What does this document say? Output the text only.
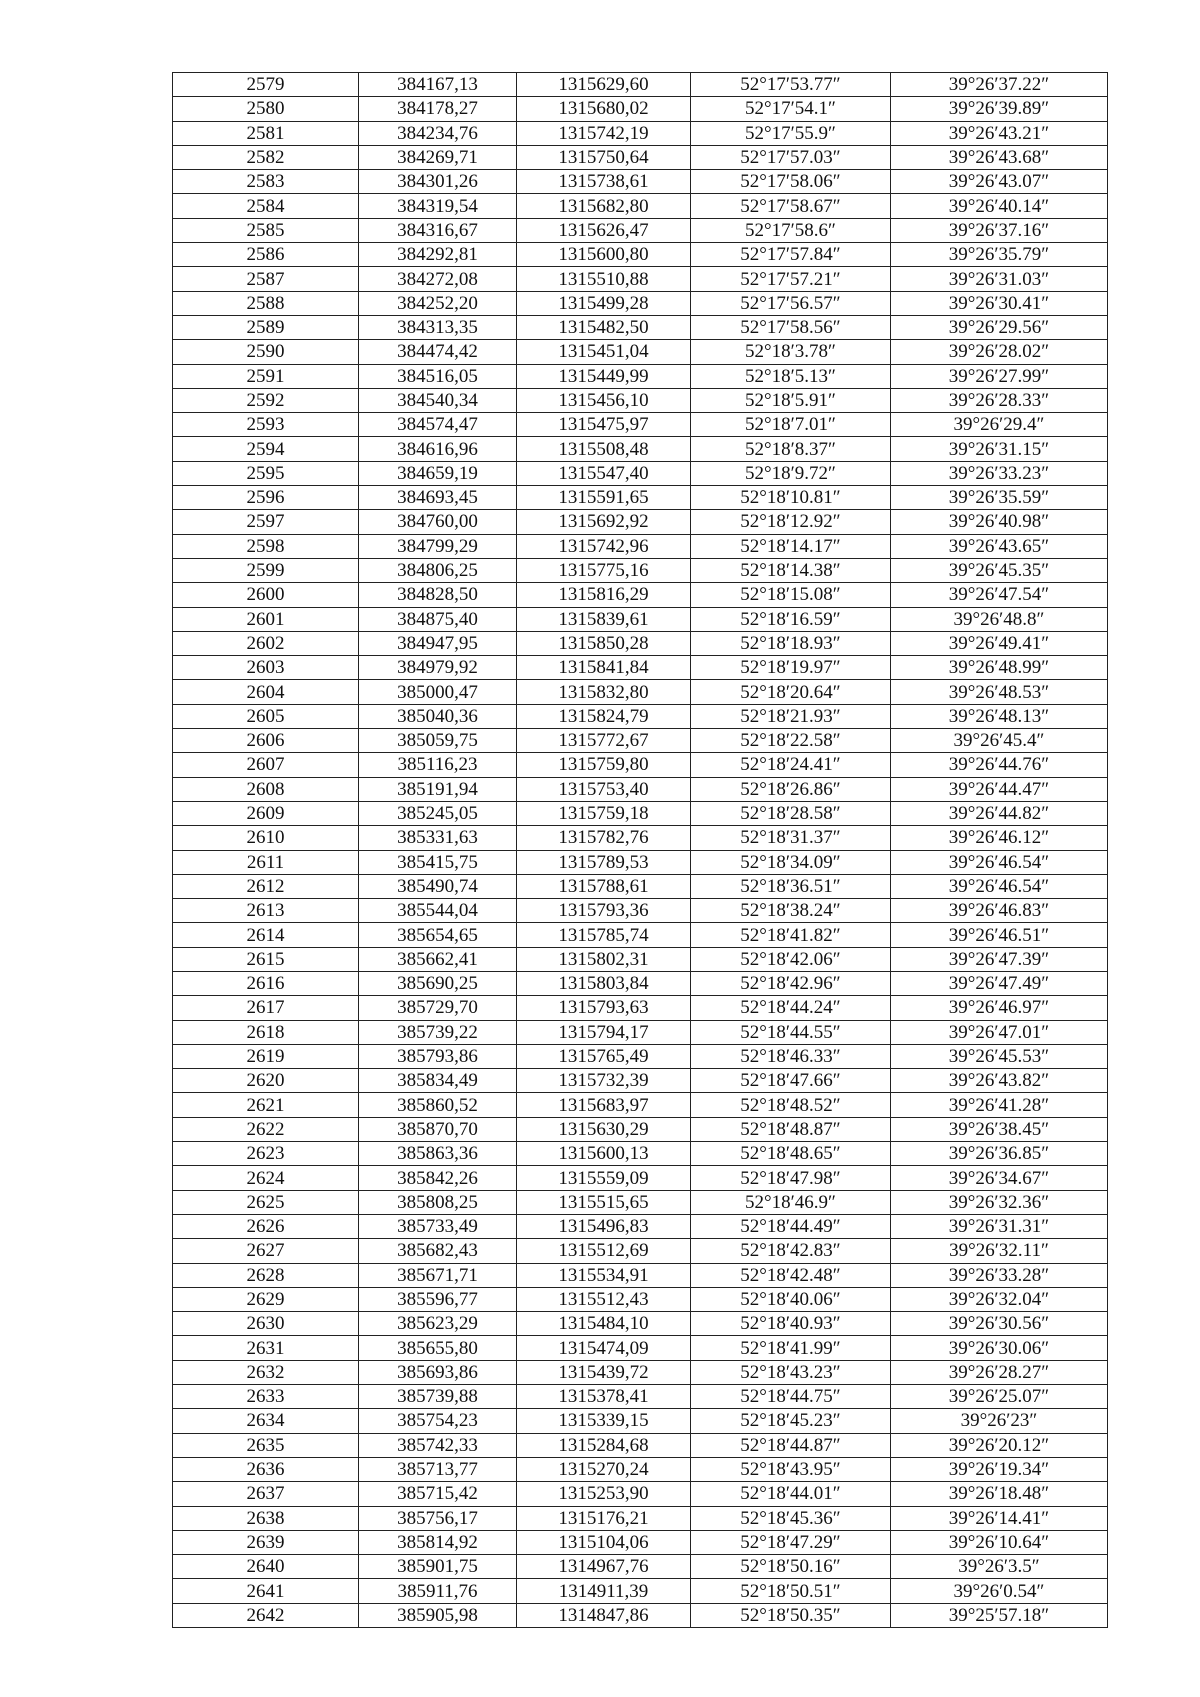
2579	384167,13	1315629,60	52°17′53.77″	39°26′37.22″
2580	384178,27	1315680,02	52°17′54.1″	39°26′39.89″
2581	384234,76	1315742,19	52°17′55.9″	39°26′43.21″
2582	384269,71	1315750,64	52°17′57.03″	39°26′43.68″
2583	384301,26	1315738,61	52°17′58.06″	39°26′43.07″
2584	384319,54	1315682,80	52°17′58.67″	39°26′40.14″
2585	384316,67	1315626,47	52°17′58.6″	39°26′37.16″
2586	384292,81	1315600,80	52°17′57.84″	39°26′35.79″
2587	384272,08	1315510,88	52°17′57.21″	39°26′31.03″
2588	384252,20	1315499,28	52°17′56.57″	39°26′30.41″
2589	384313,35	1315482,50	52°17′58.56″	39°26′29.56″
2590	384474,42	1315451,04	52°18′3.78″	39°26′28.02″
2591	384516,05	1315449,99	52°18′5.13″	39°26′27.99″
2592	384540,34	1315456,10	52°18′5.91″	39°26′28.33″
2593	384574,47	1315475,97	52°18′7.01″	39°26′29.4″
2594	384616,96	1315508,48	52°18′8.37″	39°26′31.15″
2595	384659,19	1315547,40	52°18′9.72″	39°26′33.23″
2596	384693,45	1315591,65	52°18′10.81″	39°26′35.59″
2597	384760,00	1315692,92	52°18′12.92″	39°26′40.98″
2598	384799,29	1315742,96	52°18′14.17″	39°26′43.65″
2599	384806,25	1315775,16	52°18′14.38″	39°26′45.35″
2600	384828,50	1315816,29	52°18′15.08″	39°26′47.54″
2601	384875,40	1315839,61	52°18′16.59″	39°26′48.8″
2602	384947,95	1315850,28	52°18′18.93″	39°26′49.41″
2603	384979,92	1315841,84	52°18′19.97″	39°26′48.99″
2604	385000,47	1315832,80	52°18′20.64″	39°26′48.53″
2605	385040,36	1315824,79	52°18′21.93″	39°26′48.13″
2606	385059,75	1315772,67	52°18′22.58″	39°26′45.4″
2607	385116,23	1315759,80	52°18′24.41″	39°26′44.76″
2608	385191,94	1315753,40	52°18′26.86″	39°26′44.47″
2609	385245,05	1315759,18	52°18′28.58″	39°26′44.82″
2610	385331,63	1315782,76	52°18′31.37″	39°26′46.12″
2611	385415,75	1315789,53	52°18′34.09″	39°26′46.54″
2612	385490,74	1315788,61	52°18′36.51″	39°26′46.54″
2613	385544,04	1315793,36	52°18′38.24″	39°26′46.83″
2614	385654,65	1315785,74	52°18′41.82″	39°26′46.51″
2615	385662,41	1315802,31	52°18′42.06″	39°26′47.39″
2616	385690,25	1315803,84	52°18′42.96″	39°26′47.49″
2617	385729,70	1315793,63	52°18′44.24″	39°26′46.97″
2618	385739,22	1315794,17	52°18′44.55″	39°26′47.01″
2619	385793,86	1315765,49	52°18′46.33″	39°26′45.53″
2620	385834,49	1315732,39	52°18′47.66″	39°26′43.82″
2621	385860,52	1315683,97	52°18′48.52″	39°26′41.28″
2622	385870,70	1315630,29	52°18′48.87″	39°26′38.45″
2623	385863,36	1315600,13	52°18′48.65″	39°26′36.85″
2624	385842,26	1315559,09	52°18′47.98″	39°26′34.67″
2625	385808,25	1315515,65	52°18′46.9″	39°26′32.36″
2626	385733,49	1315496,83	52°18′44.49″	39°26′31.31″
2627	385682,43	1315512,69	52°18′42.83″	39°26′32.11″
2628	385671,71	1315534,91	52°18′42.48″	39°26′33.28″
2629	385596,77	1315512,43	52°18′40.06″	39°26′32.04″
2630	385623,29	1315484,10	52°18′40.93″	39°26′30.56″
2631	385655,80	1315474,09	52°18′41.99″	39°26′30.06″
2632	385693,86	1315439,72	52°18′43.23″	39°26′28.27″
2633	385739,88	1315378,41	52°18′44.75″	39°26′25.07″
2634	385754,23	1315339,15	52°18′45.23″	39°26′23″
2635	385742,33	1315284,68	52°18′44.87″	39°26′20.12″
2636	385713,77	1315270,24	52°18′43.95″	39°26′19.34″
2637	385715,42	1315253,90	52°18′44.01″	39°26′18.48″
2638	385756,17	1315176,21	52°18′45.36″	39°26′14.41″
2639	385814,92	1315104,06	52°18′47.29″	39°26′10.64″
2640	385901,75	1314967,76	52°18′50.16″	39°26′3.5″
2641	385911,76	1314911,39	52°18′50.51″	39°26′0.54″
2642	385905,98	1314847,86	52°18′50.35″	39°25′57.18″
